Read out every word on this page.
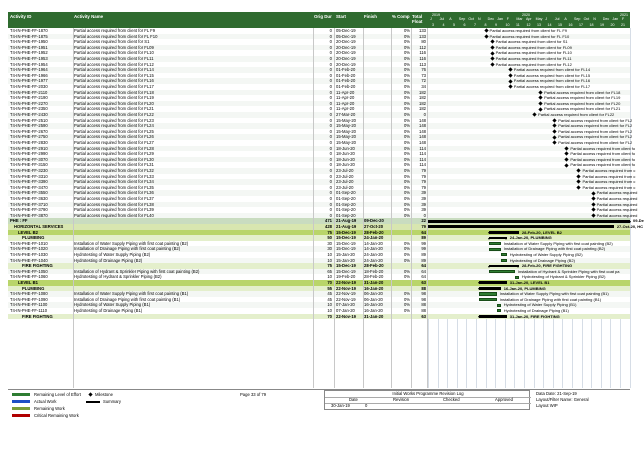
Activity ID	Activity Name	Orig Dur Start	Finish	% Comp Total Float
2019	2020	2021
J Jul A Sep Oct N Dec Jan F Mar Apr May J Jul A Sep Oct N Dec Jan F
3 4 5 6 7 8 9 10 11 12 13 14 15 16 17 18 19 20 21
T4-IN-PHE-FF-1870	Partial access required from client for FL F9	0 05-Dec-19	0%	133	Partial access required from client for FL F9
T4-IN-PHE-FF-1875	Partial access required from client for FL F10	0 05-Dec-19	0%	133	Partial access required from client for FL F10
T4-IN-PHE-FF-1950	Partial access required from client for S1	0 20-Dec-19	0%	80	Partial access required from client for S1
T4-IN-PHE-FF-1951	Partial access required from client for FL09	0 20-Dec-19	0%	112	Partial access required from client for FL09
T4-IN-PHE-FF-1952	Partial access required from client for FL10	0 20-Dec-19	0%	116	Partial access required from client for FL10
T4-IN-PHE-FF-1953	Partial access required from client for FL11	0 20-Dec-19	0%	116	Partial access required from client for FL11
T4-IN-PHE-FF-1954	Partial access required from client for FL12	0 20-Dec-19	0%	113	Partial access required from client for FL12
T4-IN-PHE-FF-1964	Partial access required from client for FL14	0 01-Feb-20	0%	76	Partial access required from client for FL14
T4-IN-PHE-FF-1966	Partial access required from client for FL15	0 01-Feb-20	0%	73	Partial access required from client for FL15
T4-IN-PHE-FF-1977	Partial access required from client for FL16	0 01-Feb-20	0%	72	Partial access required from client for FL16
T4-IN-PHE-FF-2030	Partial access required from client for FL17	0 01-Feb-20	0%	34	Partial access required from client for FL17
T4-IN-PHE-FF-2110	Partial access required from client for FL18	0 11-Apr-20	0%	182	Partial access required from client for FL18
T4-IN-PHE-FF-2190	Partial access required from client for FL19	0 11-Apr-20	0%	182	Partial access required from client for FL19
T4-IN-PHE-FF-2270	Partial access required from client for FL20	0 11-Apr-20	0%	182	Partial access required from client for FL20
T4-IN-PHE-FF-2350	Partial access required from client for FL21	0 11-Apr-20	0%	182	Partial access required from client for FL21
T4-IN-PHE-FF-2430	Partial access required from client for FL22	0 27-Mar-20	0%	0	Partial access required from client for FL22
T4-IN-PHE-FF-2510	Partial access required from client for FL23	0 15-May-20	0%	148	Partial access required from client for FL2
T4-IN-PHE-FF-2590	Partial access required from client for FL24	0 15-May-20	0%	148	Partial access required from client for FL2
T4-IN-PHE-FF-2670	Partial access required from client for FL25	0 15-May-20	0%	148	Partial access required from client for FL2
T4-IN-PHE-FF-2750	Partial access required from client for FL26	0 15-May-20	0%	148	Partial access required from client for FL2
T4-IN-PHE-FF-2830	Partial access required from client for FL27	0 15-May-20	0%	148	Partial access required from client for FL2
T4-IN-PHE-FF-2910	Partial access required from client for FL28	0 18-Jun-20	0%	114	Partial access required from client fo
T4-IN-PHE-FF-2990	Partial access required from client for FL29	0 18-Jun-20	0%	114	Partial access required from client fo
T4-IN-PHE-FF-3070	Partial access required from client for FL30	0 18-Jun-20	0%	114	Partial access required from client fo
T4-IN-PHE-FF-3150	Partial access required from client for FL31	0 18-Jun-20	0%	114	Partial access required from client fo
T4-IN-PHE-FF-3230	Partial access required from client for FL32	0 23-Jul-20	0%	79	Partial access required from c
T4-IN-PHE-FF-3310	Partial access required from client for FL33	0 23-Jul-20	0%	79	Partial access required from c
T4-IN-PHE-FF-3390	Partial access required from client for FL34	0 23-Jul-20	0%	79	Partial access required from c
T4-IN-PHE-FF-3470	Partial access required from client for FL35	0 23-Jul-20	0%	79	Partial access required from c
T4-IN-PHE-FF-3550	Partial access required from client for FL36	0 01-Sep-20	0%	39	Partial access required
T4-IN-PHE-FF-3630	Partial access required from client for FL37	0 01-Sep-20	0%	39	Partial access required
T4-IN-PHE-FF-3710	Partial access required from client for FL38	0 01-Sep-20	0%	39	Partial access required
T4-IN-PHE-FF-3790	Partial access required from client for FL39	0 01-Sep-20	0%	39	Partial access required
T4-IN-PHE-FF-3870	Partial access required from client for FL40	0 01-Sep-20	0%	0	Partial access required
PHE : FF	471 21-Aug-19	09-Dec-20	22	09-De
HORIZONTAL SERVICES	428 21-Aug-19	27-Oct-20	79	27-Oct-20, HC
LEVEL B2	75 15-Dec-19	28-Feb-20	64	28-Feb-20, LEVEL B2
PLUMBING	50 15-Dec-19	24-Jan-20	89	24-Jan-20, PLUMBING
T4-IN-PHE-FF-1010	Installation of Water Supply Piping with first coat painting (B2)	30 15-Dec-19	14-Jan-20	0%	99	Installation of Water Supply Piping with first coat painting (B2)
T4-IN-PHE-FF-1020	Installation of Drainage Piping with first coat painting (B2)	30 15-Dec-19	14-Jan-20	0%	99	Installation of Drainage Piping with first coat painting (B2)
T4-IN-PHE-FF-1030	Hydrotesting of Water Supply Piping (B2)	10 15-Jan-20	24-Jan-20	0%	89	Hydrotesting of Water Supply Piping (B2)
T4-IN-PHE-FF-1040	Hydrotesting of Drainage Piping (B2)	10 15-Jan-20	24-Jan-20	0%	89	Hydrotesting of Drainage Piping (B2)
FIRE FIGHTING	75 15-Dec-19	28-Feb-20	64	28-Feb-20, FIRE FIGHTING
T4-IN-PHE-FF-1050	Installation of Hydrant & Sprinkler Piping with first coat painting (B2)	65 15-Dec-19	18-Feb-20	0%	64	Installation of Hydrant & Sprinkler Piping with first coat pa
T4-IN-PHE-FF-1060	Hydrotesting of Hydrant & Sprinkler Piping (B2)	10 19-Feb-20	28-Feb-20	0%	64	Hydrotesting of Hydrant & Sprinkler Piping (B2)
LEVEL B1	70 22-Nov-19	31-Jan-20	63	31-Jan-20, LEVEL B1
PLUMBING	55 22-Nov-19	16-Jan-20	88	16-Jan-20, PLUMBING
T4-IN-PHE-FF-1080	Installation of Water Supply Piping with first coat painting (B1)	45 22-Nov-19	06-Jan-20	0%	98	Installation of Water Supply Piping with first coat painting (B1)
T4-IN-PHE-FF-1090	Installation of Drainage Piping with first coat painting (B1)	45 22-Nov-19	06-Jan-20	0%	98	Installation of Drainage Piping with first coat painting (B1)
T4-IN-PHE-FF-1100	Hydrotesting of Water Supply Piping (B1)	10 07-Jan-20	16-Jan-20	0%	88	Hydrotesting of Water Supply Piping (B1)
T4-IN-PHE-FF-1110	Hydrotesting of Drainage Piping (B1)	10 07-Jan-20	16-Jan-20	0%	88	Hydrotesting of Drainage Piping (B1)
FIRE FIGHTING	70 22-Nov-19	31-Jan-20	63	31-Jan-20, FIRE FIGHTING
Remaining Level of Effort
Actual Work
Remaining Work
Critical Remaining Work
Milestone
Summary
Page 33 of 79	Initial Works Programme Revision Log
Date	Revision	Checked	Approved
30-Jan-19	0
Data Date: 21-Sep-19
Layout/Filter Name: General
Layout WIP
